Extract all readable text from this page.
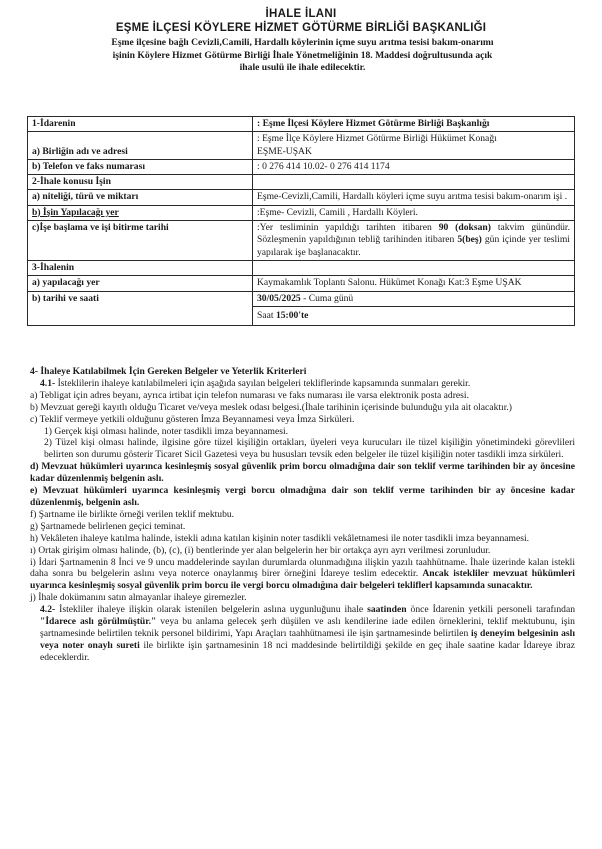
İHALE İLANI
EŞME İLÇESİ KÖYLERE HİZMET GÖTÜRME BİRLİĞİ BAŞKANLIĞI
Eşme ilçesine bağlı Cevizli,Camili, Hardallı köylerinin içme suyu arıtma tesisi bakım-onarımı
işinin Köylere Hizmet Götürme Birliği İhale Yönetmeliğinin 18. Maddesi doğrultusunda açık
ihale usulü ile ihale edilecektir.
1-İdarenin	: Eşme İlçesi Köylere Hizmet Götürme Birliği Başkanlığı
a) Birliğin adı ve adresi	: Eşme İlçe Köylere Hizmet Götürme Birliği Hükümet Konağı
EŞME-UŞAK

b) Telefon ve faks numarası	: 0 276 414 10.02- 0 276 414 1174
2-İhale konusu İşin	
a) niteliği, türü ve miktarı	Eşme-Cevizli,Camili, Hardallı köyleri içme suyu arıtma tesisi bakım-onarım işi .
b) İşin Yapılacağı yer	:Eşme- Cevizli, Camili , Hardallı Köyleri.
c)İşe başlama ve işi bitirme tarihi	:Yer tesliminin yapıldığı tarihten itibaren 90 (doksan) takvim günündür. Sözleşmenin yapıldığının tebliğ tarihinden itibaren 5(beş) gün içinde yer teslimi yapılarak işe başlanacaktır.
3-İhalenin	
a) yapılacağı yer	Kaymakamlık Toplantı Salonu. Hükümet Konağı Kat:3 Eşme UŞAK
b) tarihi ve saati	30/05/2025 - Cuma günü
	Saat 15:00'te

4- İhaleye Katılabilmek İçin Gereken Belgeler ve Yeterlik Kriterleri

4.1- İsteklilerin ihaleye katılabilmeleri için aşağıda sayılan belgeleri tekliflerinde kapsamında sunmaları gerekir.

a) Tebligat için adres beyanı, ayrıca irtibat için telefon numarası ve faks numarası ile varsa elektronik posta adresi.

b) Mevzuat gereği kayıtlı olduğu Ticaret ve/veya meslek odası belgesi.(İhale tarihinin içerisinde bulunduğu yıla ait olacaktır.)

c) Teklif vermeye yetkili olduğunu gösteren İmza Beyannamesi veya İmza Sirküleri.

1) Gerçek kişi olması halinde, noter tasdikli imza beyannamesi.

2) Tüzel kişi olması halinde, ilgisine göre tüzel kişiliğin ortakları, üyeleri veya kurucuları ile tüzel kişiliğin yönetimindeki görevlileri belirten son durumu gösterir Ticaret Sicil Gazetesi veya bu hususları tevsik eden belgeler ile tüzel kişiliğin noter tasdikli imza sirküleri.

d) Mevzuat hükümleri uyarınca kesinleşmiş sosyal güvenlik prim borcu olmadığına dair son teklif verme tarihinden bir ay öncesine kadar düzenlenmiş belgenin aslı.

e) Mevzuat hükümleri uyarınca kesinleşmiş vergi borcu olmadığına dair son teklif verme tarihinden bir ay öncesine kadar düzenlenmiş, belgenin aslı.

f) Şartname ile birlikte örneği verilen teklif mektubu.

g) Şartnamede belirlenen geçici teminat.

h) Vekâleten ihaleye katılma halinde, istekli adına katılan kişinin noter tasdikli vekâletnamesi ile noter tasdikli imza beyannamesi.

ı) Ortak girişim olması halinde, (b), (c), (i) bentlerinde yer alan belgelerin her bir ortakça ayrı ayrı verilmesi zorunludur.

i) İdari Şartnamenin 8 İnci ve 9 uncu maddelerinde sayılan durumlarda olunmadığına ilişkin yazılı taahhütname. İhale üzerinde kalan istekli daha sonra bu belgelerin aslını veya noterce onaylanmış birer örneğini İdareye teslim edecektir. Ancak istekliler mevzuat hükümleri uyarınca kesinleşmiş sosyal güvenlik prim borcu ile vergi borcu olmadığına dair belgeleri tekliflerl kapsamında sunacaktır.

j) İhale dokümanını satın almayanlar ihaleye giremezler.

4.2- İstekliler ihaleye ilişkin olarak istenilen belgelerin aslına uygunluğunu ihale saatinden önce İdarenin yetkili personeli tarafından "İdarece aslı görülmüştür." veya bu anlama gelecek şerh düşülen ve aslı kendilerine iade edilen örneklerini, teklif mektubunu, işin şartnamesinde belirtilen teknik personel bildirimi, Yapı Araçları taahhütnamesi ile işin şartnamesinde belirtilen iş deneyim belgesinin aslı veya noter onaylı sureti ile birlikte işin şartnamesinin 18 nci maddesinde belirtildiği şekilde en geç ihale saatine kadar İdareye ibraz edeceklerdir.
